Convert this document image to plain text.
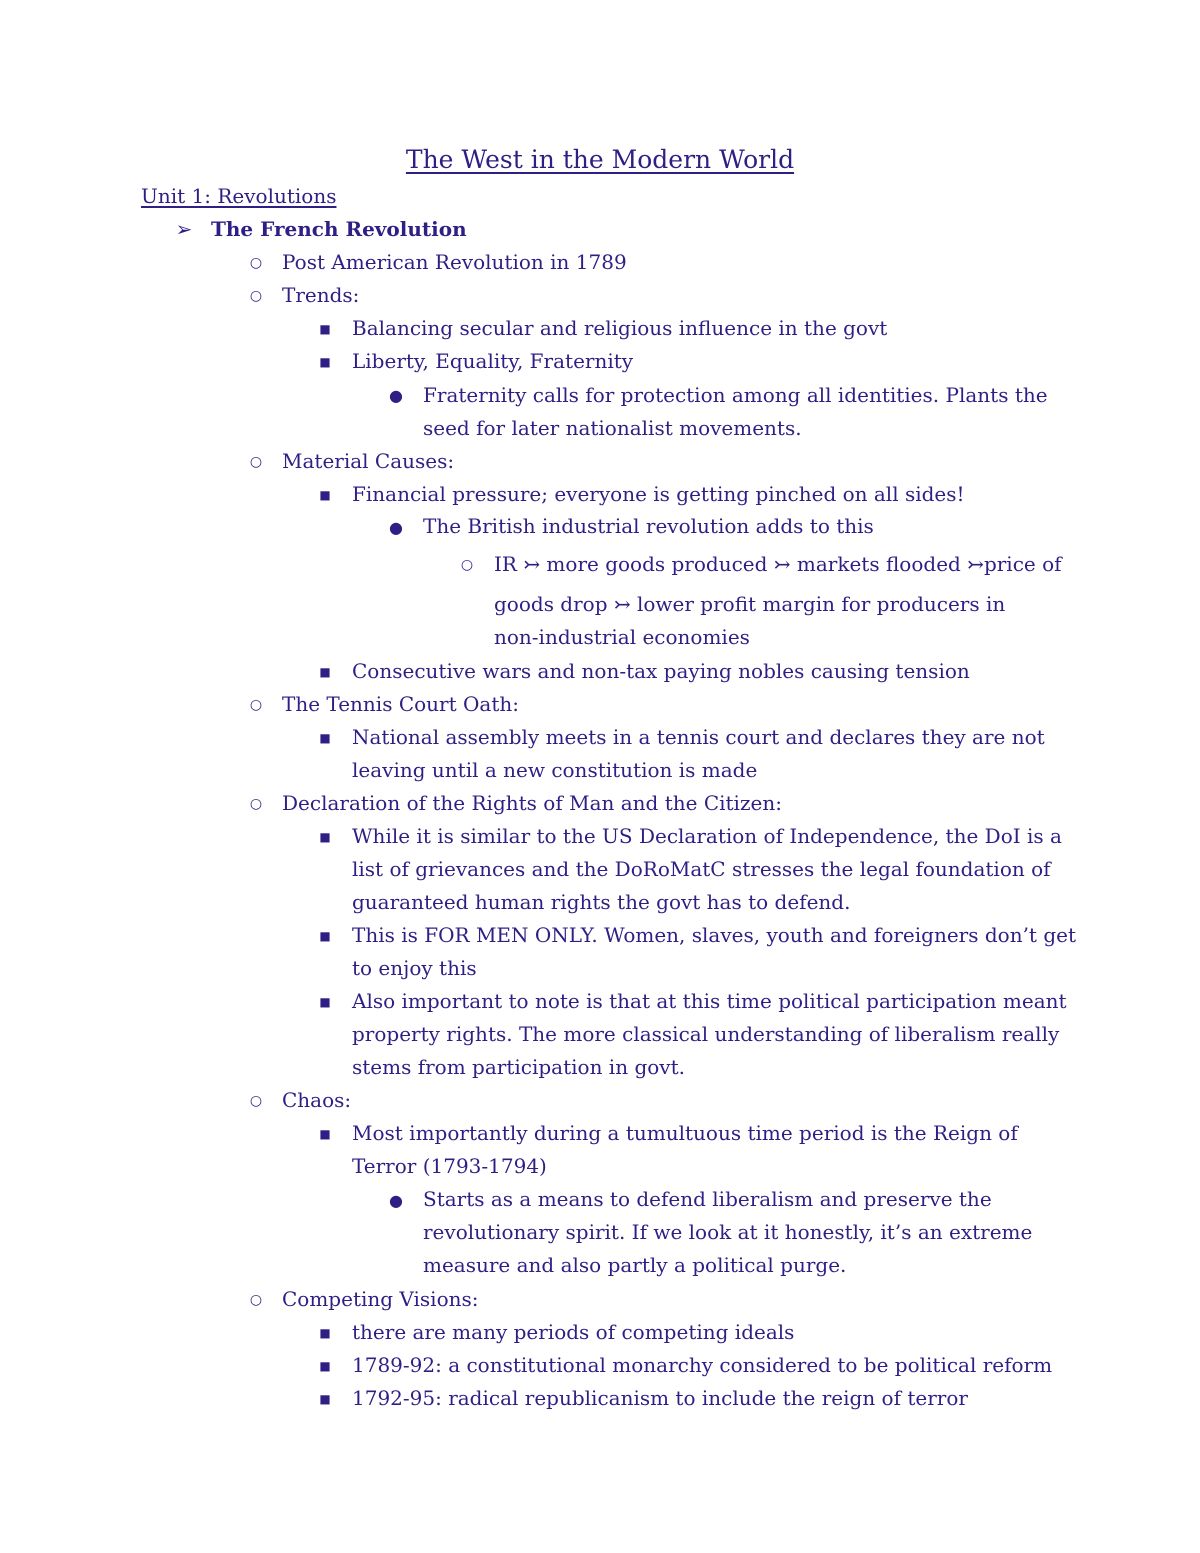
The West in the Modern World
Unit 1: Revolutions
➢ The French Revolution
○ Post American Revolution in 1789
○ Trends:
■	Balancing secular and religious influence in the govt
■	Liberty, Equality, Fraternity
● Fraternity calls for protection among all identities. Plants the
seed for later nationalist movements.
○ Material Causes:
■	Financial pressure; everyone is getting pinched on all sides!
● The British industrial revolution adds to this
○ IR ↣ more goods produced ↣ markets flooded ↣price of
goods drop ↣ lower profit margin for producers in
non-industrial economies
■	Consecutive wars and non-tax paying nobles causing tension
○ The Tennis Court Oath:
■	National assembly meets in a tennis court and declares they are not
leaving until a new constitution is made
○ Declaration of the Rights of Man and the Citizen:
■	While it is similar to the US Declaration of Independence, the DoI is a
list of grievances and the DoRoMatC stresses the legal foundation of
guaranteed human rights the govt has to defend.
■	This is FOR MEN ONLY. Women, slaves, youth and foreigners don’t get
to enjoy this
■	Also important to note is that at this time political participation meant
property rights. The more classical understanding of liberalism really
stems from participation in govt.
○ Chaos:
■	Most importantly during a tumultuous time period is the Reign of
Terror (1793-1794)
● Starts as a means to defend liberalism and preserve the
revolutionary spirit. If we look at it honestly, it’s an extreme
measure and also partly a political purge.
○ Competing Visions:
■	there are many periods of competing ideals
■	1789-92: a constitutional monarchy considered to be political reform
■	1792-95: radical republicanism to include the reign of terror
